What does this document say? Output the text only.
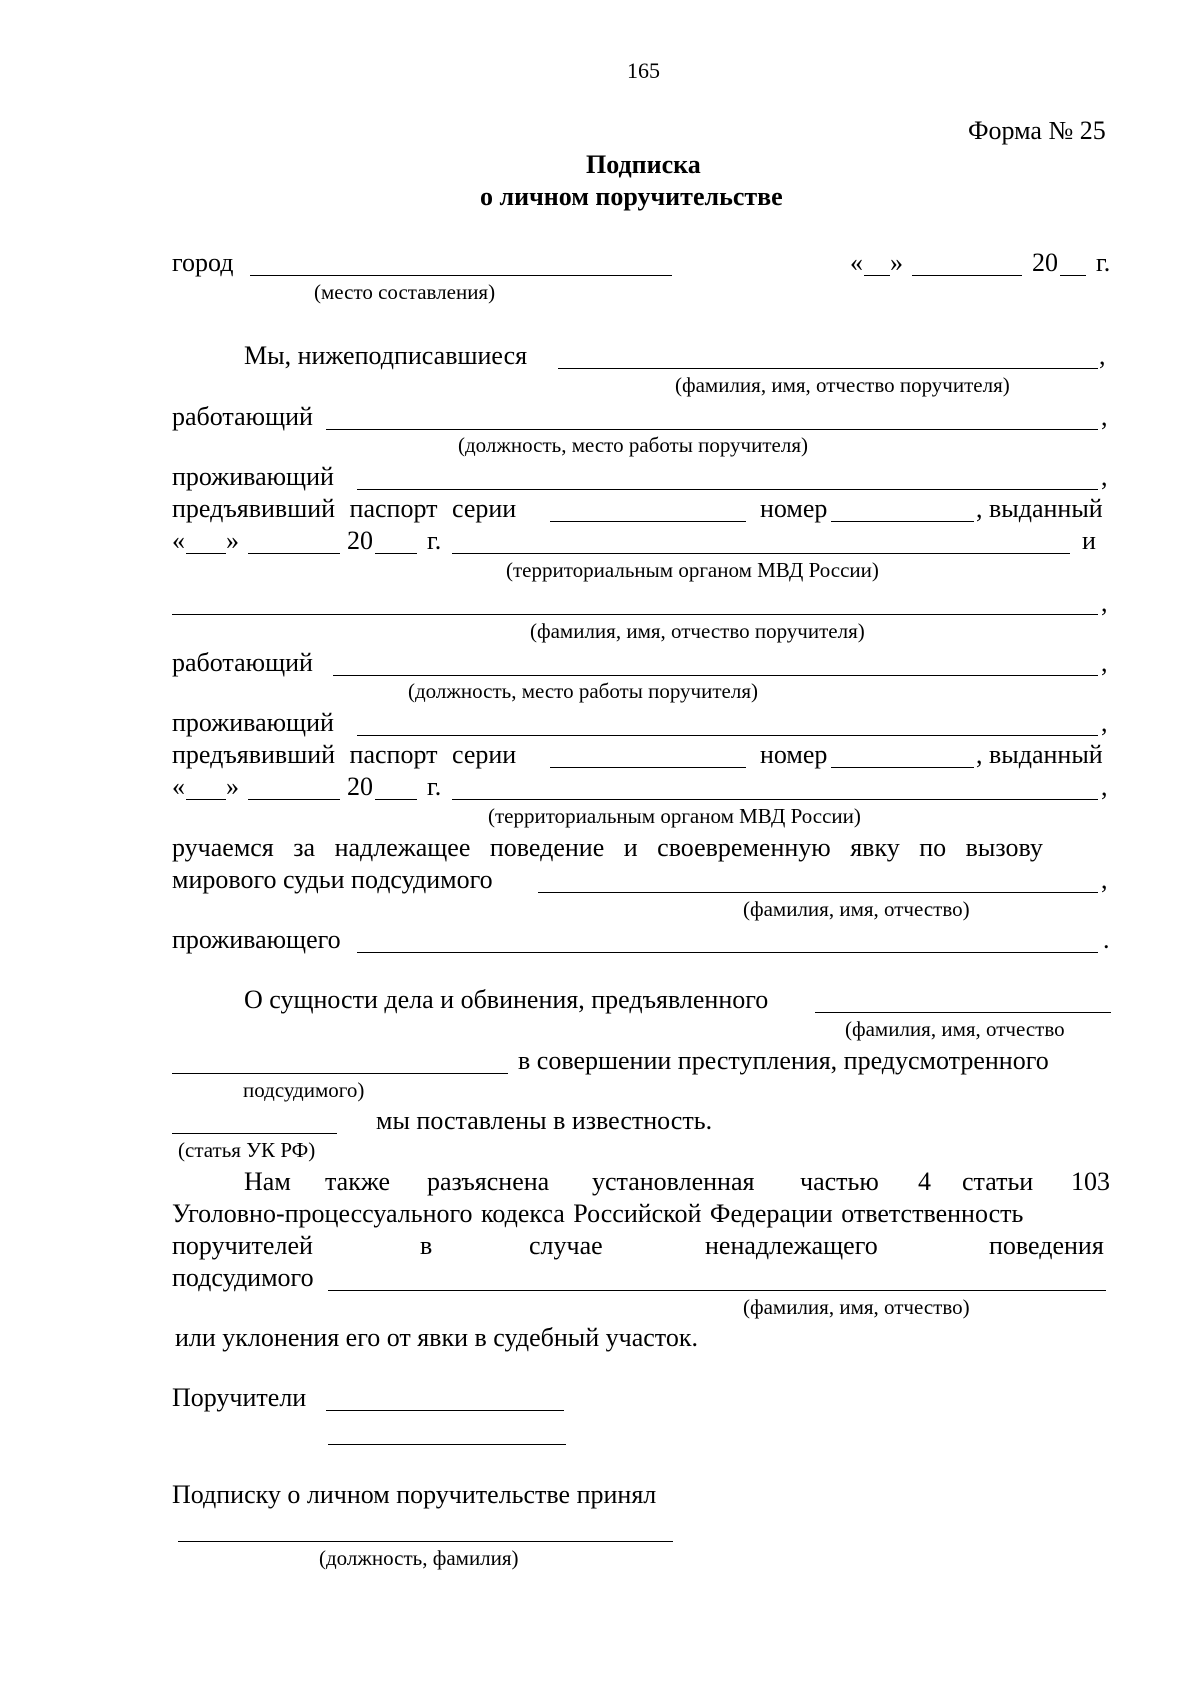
165
Форма № 25
Подписка
о личном поручительстве
город
(место составления)
« »	20 г.
Мы, нижеподписавшиеся	,
(фамилия, имя, отчество поручителя)
работающий	,
(должность, место работы поручителя)
проживающий	,
предъявивший паспорт серии	номер	, выданный
« »	20 г.	и
(территориальным органом МВД России)
,
(фамилия, имя, отчество поручителя)
работающий	,
(должность, место работы поручителя)
проживающий	,
предъявивший паспорт серии	номер	, выданный
« »	20 г.	,
(территориальным органом МВД России)
ручаемся за надлежащее поведение и своевременную явку по вызову
мирового судьи подсудимого	,
(фамилия, имя, отчество)
проживающего	.
О сущности дела и обвинения, предъявленного
(фамилия, имя, отчество
в совершении преступления, предусмотренного
подсудимого)
мы поставлены в известность.
(статья УК РФ)
Нам также разъяснена установленная частью 4 статьи 103
Уголовно-процессуального кодекса Российской Федерации ответственность
поручителей	в	случае	ненадлежащего	поведения
подсудимого
(фамилия, имя, отчество)
или уклонения его от явки в судебный участок.
Поручители
Подписку о личном поручительстве принял
(должность, фамилия)
